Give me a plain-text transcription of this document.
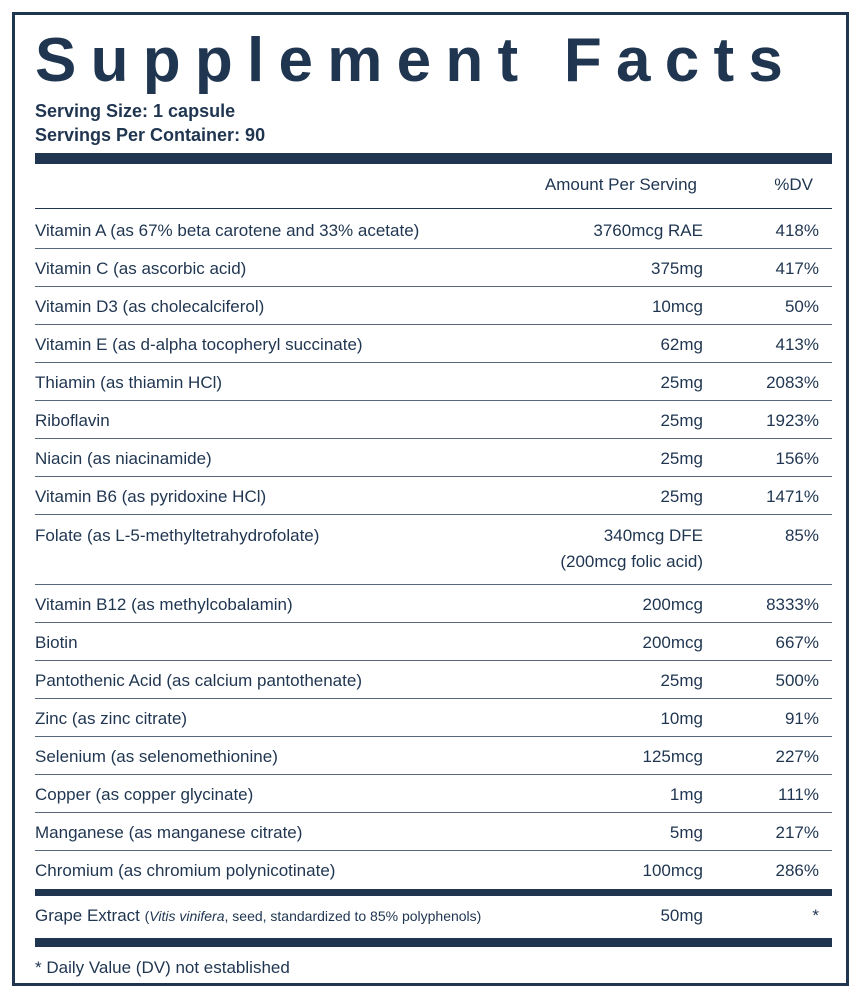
Supplement Facts
Serving Size: 1 capsule
Servings Per Container: 90
Amount Per Serving	%DV
Vitamin A (as 67% beta carotene and 33% acetate)	3760mcg RAE	418%
Vitamin C (as ascorbic acid)	375mg	417%
Vitamin D3 (as cholecalciferol)	10mcg	50%
Vitamin E (as d-alpha tocopheryl succinate)	62mg	413%
Thiamin (as thiamin HCl)	25mg	2083%
Riboflavin	25mg	1923%
Niacin (as niacinamide)	25mg	156%
Vitamin B6 (as pyridoxine HCl)	25mg	1471%
Folate (as L-5-methyltetrahydrofolate)	340mcg DFE	85%
(200mcg folic acid)
Vitamin B12 (as methylcobalamin)	200mcg	8333%
Biotin	200mcg	667%
Pantothenic Acid (as calcium pantothenate)	25mg	500%
Zinc (as zinc citrate)	10mg	91%
Selenium (as selenomethionine)	125mcg	227%
Copper (as copper glycinate)	1mg	111%
Manganese (as manganese citrate)	5mg	217%
Chromium (as chromium polynicotinate)	100mcg	286%
Grape Extract (Vitis vinifera, seed, standardized to 85% polyphenols)	50mg	*
* Daily Value (DV) not established
